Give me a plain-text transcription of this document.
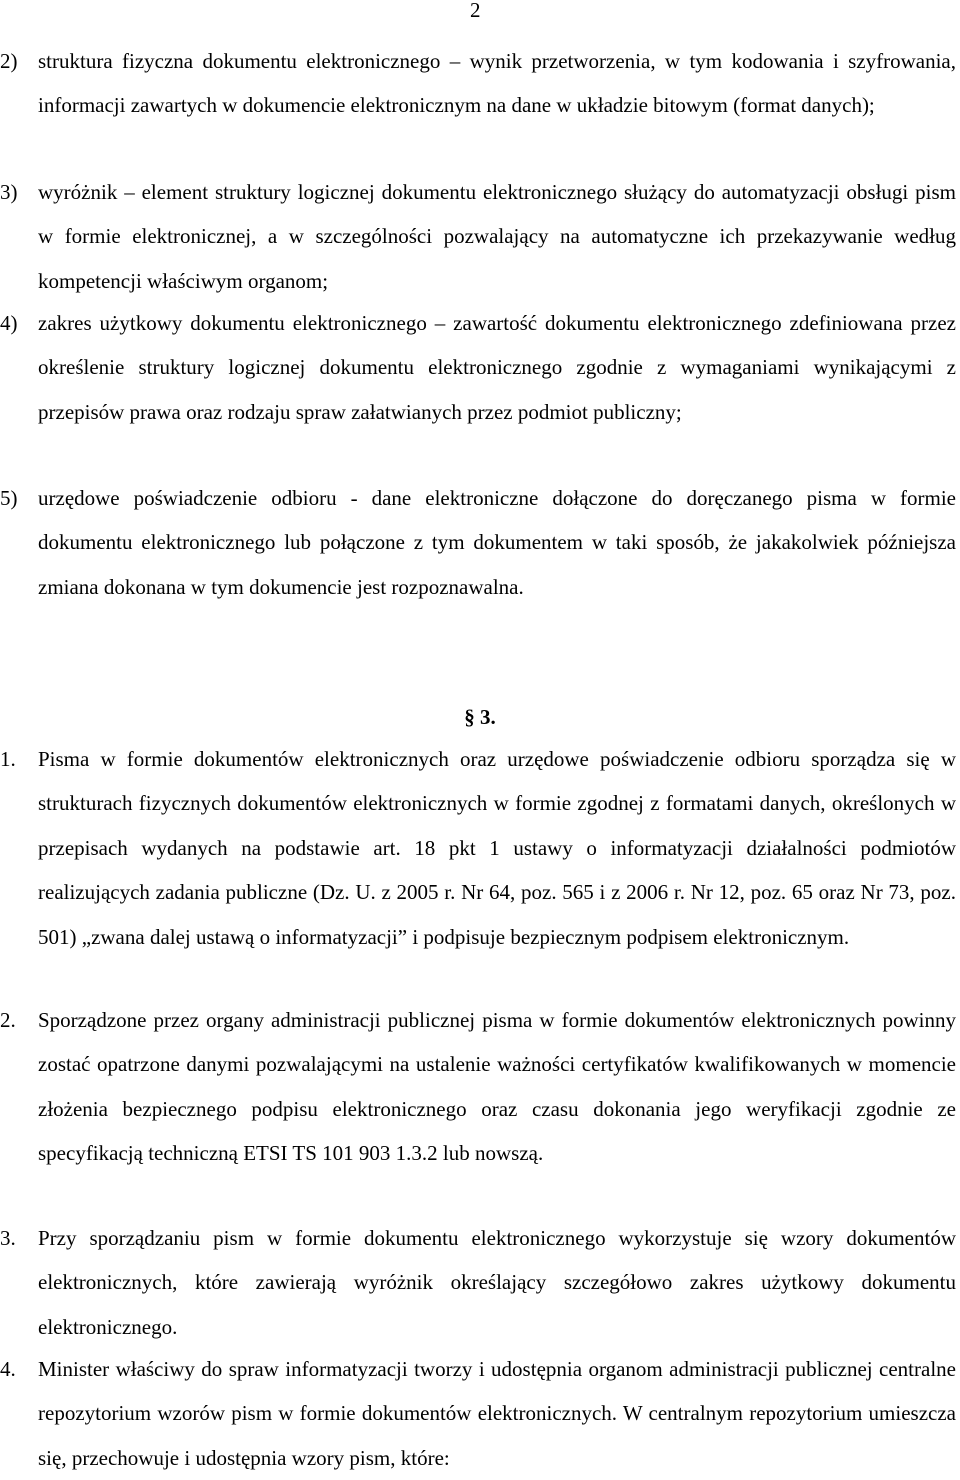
2
2) struktura fizyczna dokumentu elektronicznego – wynik przetworzenia, w tym kodowania i szyfrowania, informacji zawartych w dokumencie elektronicznym na dane w układzie bitowym (format danych);
3) wyróżnik – element struktury logicznej dokumentu elektronicznego służący do automatyzacji obsługi pism w formie elektronicznej, a w szczególności pozwalający na automatyczne ich przekazywanie według kompetencji właściwym organom;
4) zakres użytkowy dokumentu elektronicznego – zawartość dokumentu elektronicznego zdefiniowana przez określenie struktury logicznej dokumentu elektronicznego zgodnie z wymaganiami wynikającymi z przepisów prawa oraz rodzaju spraw załatwianych przez podmiot publiczny;
5) urzędowe poświadczenie odbioru - dane elektroniczne dołączone do doręczanego pisma w formie dokumentu elektronicznego lub połączone z tym dokumentem w taki sposób, że jakakolwiek późniejsza zmiana dokonana w tym dokumencie jest rozpoznawalna.
§ 3.
1. Pisma w formie dokumentów elektronicznych oraz urzędowe poświadczenie odbioru sporządza się w strukturach fizycznych dokumentów elektronicznych w formie zgodnej z formatami danych, określonych w przepisach wydanych na podstawie art. 18 pkt 1 ustawy o informatyzacji działalności podmiotów realizujących zadania publiczne (Dz. U. z 2005 r. Nr 64, poz. 565 i z 2006 r. Nr 12, poz. 65 oraz Nr 73, poz. 501) „zwana dalej ustawą o informatyzacji” i podpisuje bezpiecznym podpisem elektronicznym.
2. Sporządzone przez organy administracji publicznej pisma w formie dokumentów elektronicznych powinny zostać opatrzone danymi pozwalającymi na ustalenie ważności certyfikatów kwalifikowanych w momencie złożenia bezpiecznego podpisu elektronicznego oraz czasu dokonania jego weryfikacji zgodnie ze specyfikacją techniczną ETSI TS 101 903 1.3.2 lub nowszą.
3. Przy sporządzaniu pism w formie dokumentu elektronicznego wykorzystuje się wzory dokumentów elektronicznych, które zawierają wyróżnik określający szczegółowo zakres użytkowy dokumentu elektronicznego.
4. Minister właściwy do spraw informatyzacji tworzy i udostępnia organom administracji publicznej centralne repozytorium wzorów pism w formie dokumentów elektronicznych. W centralnym repozytorium umieszcza się, przechowuje i udostępnia wzory pism, które:
